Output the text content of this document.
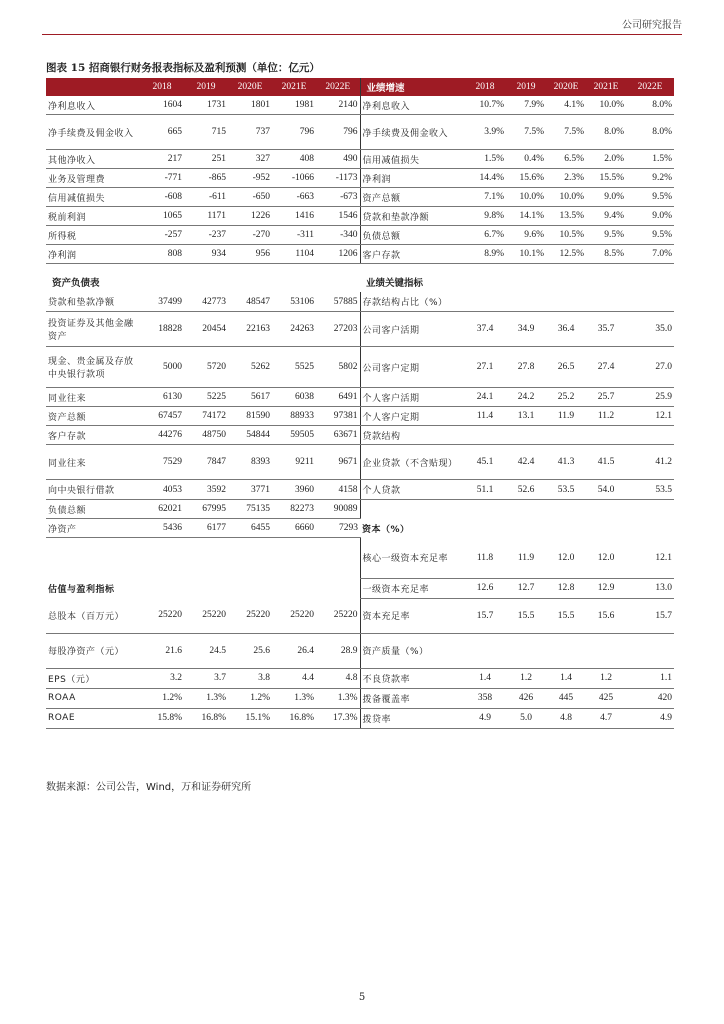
公司研究报告
图表 15 招商银行财务报表指标及盈利预测（单位：亿元）
	2018	2019	2020E	2021E	2022E	业绩增速	2018	2019	2020E	2021E	2022E
净利息收入	1604	1731	1801	1981	2140	净利息收入	10.7%	7.9%	4.1%	10.0%	8.0%
净手续费及佣金收入	665	715	737	796	796	净手续费及佣金收入	3.9%	7.5%	7.5%	8.0%	8.0%
其他净收入	217	251	327	408	490	信用减值损失	1.5%	0.4%	6.5%	2.0%	1.5%
业务及管理费	-771	-865	-952	-1066	-1173	净利润	14.4%	15.6%	2.3%	15.5%	9.2%
信用减值损失	-608	-611	-650	-663	-673	资产总额	7.1%	10.0%	10.0%	9.0%	9.5%
税前利润	1065	1171	1226	1416	1546	贷款和垫款净额	9.8%	14.1%	13.5%	9.4%	9.0%
所得税	-257	-237	-270	-311	-340	负债总额	6.7%	9.6%	10.5%	9.5%	9.5%
净利润	808	934	956	1104	1206	客户存款	8.9%	10.1%	12.5%	8.5%	7.0%

资产负债表						业绩关键指标					
贷款和垫款净额	37499	42773	48547	53106	57885	存款结构占比（%）					
投资证券及其他金融资产	18828	20454	22163	24263	27203	公司客户活期	37.4	34.9	36.4	35.7	35.0
现金、贵金属及存放中央银行款项	5000	5720	5262	5525	5802	公司客户定期	27.1	27.8	26.5	27.4	27.0
同业往来	6130	5225	5617	6038	6491	个人客户活期	24.1	24.2	25.2	25.7	25.9
资产总额	67457	74172	81590	88933	97381	个人客户定期	11.4	13.1	11.9	11.2	12.1
客户存款	44276	48750	54844	59505	63671	贷款结构					
同业往来	7529	7847	8393	9211	9671	企业贷款（不含贴现）	45.1	42.4	41.3	41.5	41.2
向中央银行借款	4053	3592	3771	3960	4158	个人贷款	51.1	52.6	53.5	54.0	53.5
负债总额	62021	67995	75135	82273	90089						
净资产	5436	6177	6455	6660	7293	资本（%）					
						核心一级资本充足率	11.8	11.9	12.0	12.0	12.1
估值与盈利指标						一级资本充足率	12.6	12.7	12.8	12.9	13.0
总股本（百万元）	25220	25220	25220	25220	25220	资本充足率	15.7	15.5	15.5	15.6	15.7
每股净资产（元）	21.6	24.5	25.6	26.4	28.9	资产质量（%）					
EPS（元）	3.2	3.7	3.8	4.4	4.8	不良贷款率	1.4	1.2	1.4	1.2	1.1
ROAA	1.2%	1.3%	1.2%	1.3%	1.3%	拨备覆盖率	358	426	445	425	420
ROAE	15.8%	16.8%	15.1%	16.8%	17.3%	拨贷率	4.9	5.0	4.8	4.7	4.9
数据来源：公司公告，Wind，万和证券研究所
5
